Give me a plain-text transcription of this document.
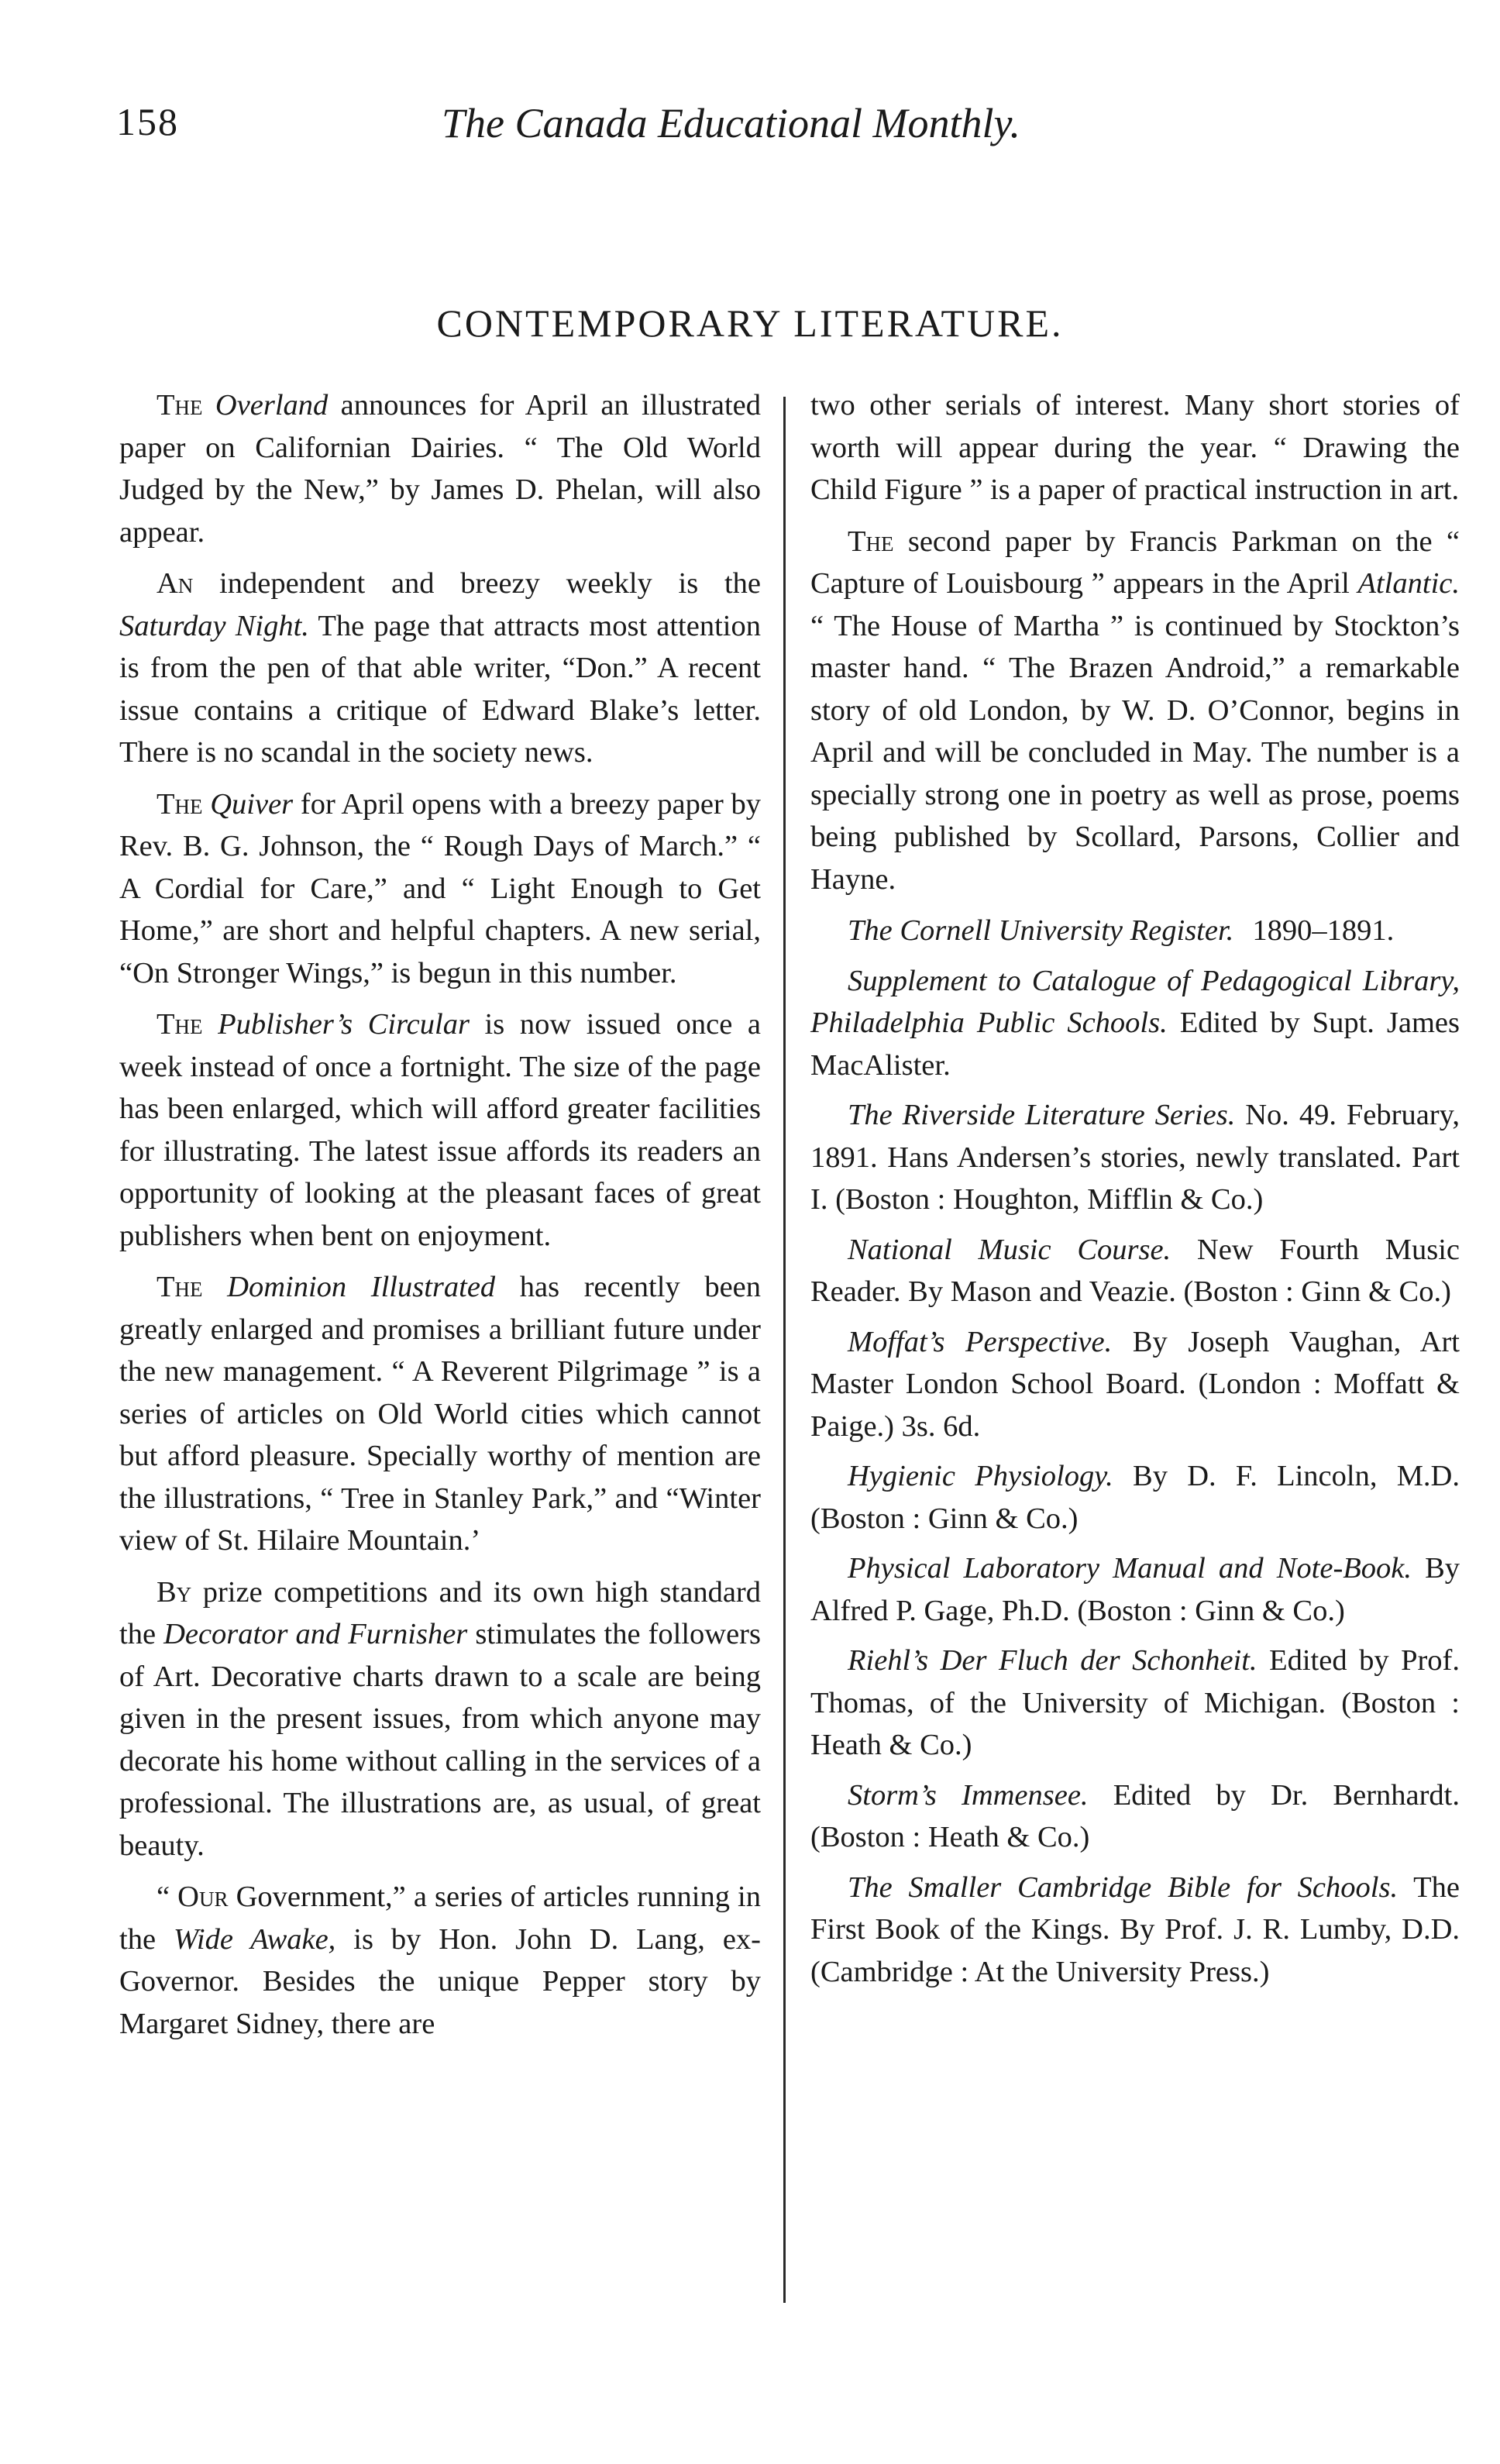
158	The Canada Educational Monthly.
CONTEMPORARY LITERATURE.

The Overland announces for April an illustrated paper on Californian Dairies. “ The Old World Judged by the New,” by James D. Phelan, will also appear.

An independent and breezy weekly is the Saturday Night. The page that attracts most attention is from the pen of that able writer, “Don.” A recent issue contains a critique of Edward Blake’s letter. There is no scandal in the society news.

The Quiver for April opens with a breezy paper by Rev. B. G. Johnson, the “ Rough Days of March.” “ A Cordial for Care,” and “ Light Enough to Get Home,” are short and helpful chapters. A new serial, “On Stronger Wings,” is begun in this number.

The Publisher’s Circular is now issued once a week instead of once a fortnight. The size of the page has been enlarged, which will afford greater facilities for illustrating. The latest issue affords its readers an opportunity of looking at the pleasant faces of great publishers when bent on enjoyment.

The Dominion Illustrated has recently been greatly enlarged and promises a brilliant future under the new management. “ A Reverent Pilgrimage ” is a series of articles on Old World cities which cannot but afford pleasure. Specially worthy of mention are the illustrations, “ Tree in Stanley Park,” and “Winter view of St. Hilaire Mountain.’

By prize competitions and its own high standard the Decorator and Furnisher stimulates the followers of Art. Decorative charts drawn to a scale are being given in the present issues, from which anyone may decorate his home without calling in the services of a professional. The illustrations are, as usual, of great beauty.

“ Our Government,” a series of articles running in the Wide Awake, is by Hon. John D. Lang, ex-Governor. Besides the unique Pepper story by Margaret Sidney, there are

two other serials of interest. Many short stories of worth will appear during the year. “ Drawing the Child Figure ” is a paper of practical instruction in art.

The second paper by Francis Parkman on the “ Capture of Louisbourg ” appears in the April Atlantic. “ The House of Martha ” is continued by Stockton’s master hand. “ The Brazen Android,” a remarkable story of old London, by W. D. O’Connor, begins in April and will be concluded in May. The number is a specially strong one in poetry as well as prose, poems being published by Scollard, Parsons, Collier and Hayne.

The Cornell University Register. 1890–1891.

Supplement to Catalogue of Pedagogical Library, Philadelphia Public Schools. Edited by Supt. James MacAlister.

The Riverside Literature Series. No. 49. February, 1891. Hans Andersen’s stories, newly translated. Part I. (Boston : Houghton, Mifflin & Co.)

National Music Course. New Fourth Music Reader. By Mason and Veazie. (Boston : Ginn & Co.)

Moffat’s Perspective. By Joseph Vaughan, Art Master London School Board. (London : Moffatt & Paige.) 3s. 6d.

Hygienic Physiology. By D. F. Lincoln, M.D. (Boston : Ginn & Co.)

Physical Laboratory Manual and Note-Book. By Alfred P. Gage, Ph.D. (Boston : Ginn & Co.)

Riehl’s Der Fluch der Schonheit. Edited by Prof. Thomas, of the University of Michigan. (Boston : Heath & Co.)

Storm’s Immensee. Edited by Dr. Bernhardt. (Boston : Heath & Co.)

The Smaller Cambridge Bible for Schools. The First Book of the Kings. By Prof. J. R. Lumby, D.D. (Cambridge : At the University Press.)
